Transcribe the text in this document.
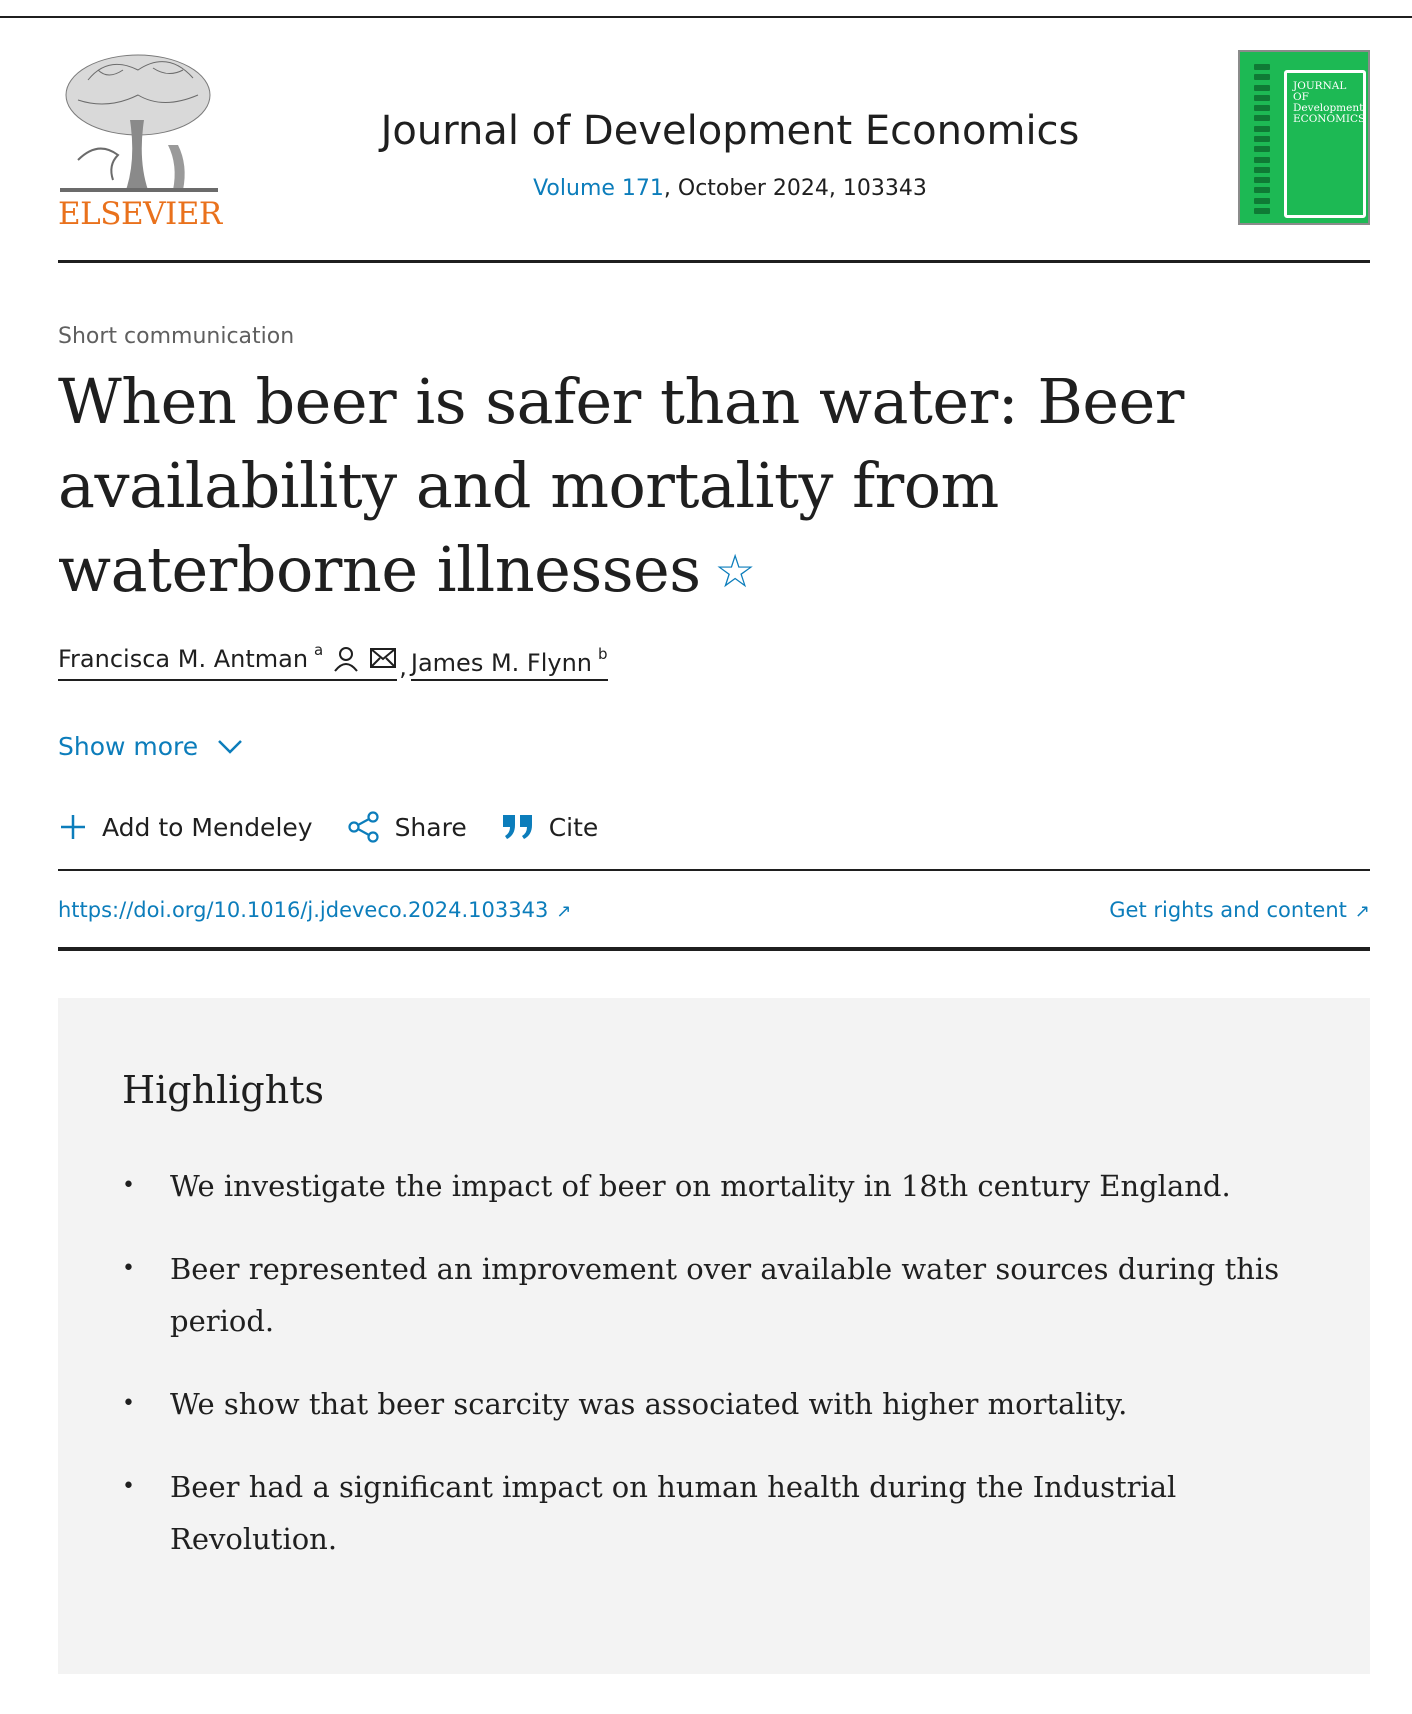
ELSEVIER
Journal of Development Economics
Volume 171, October 2024, 103343
JOURNAL OF Development ECONOMICS
Short communication
When beer is safer than water: Beer availability and mortality from waterborne illnesses ☆
Francisca M. Antman $^a$
, James M. Flynn $^b$
Show more
Add to Mendeley	Share	Cite
https://doi.org/10.1016/j.jdeveco.2024.103343 ↗	Get rights and content ↗
Highlights
• We investigate the impact of beer on mortality in 18th century England.
• Beer represented an improvement over available water sources during this period.
• We show that beer scarcity was associated with higher mortality.
• Beer had a significant impact on human health during the Industrial Revolution.
